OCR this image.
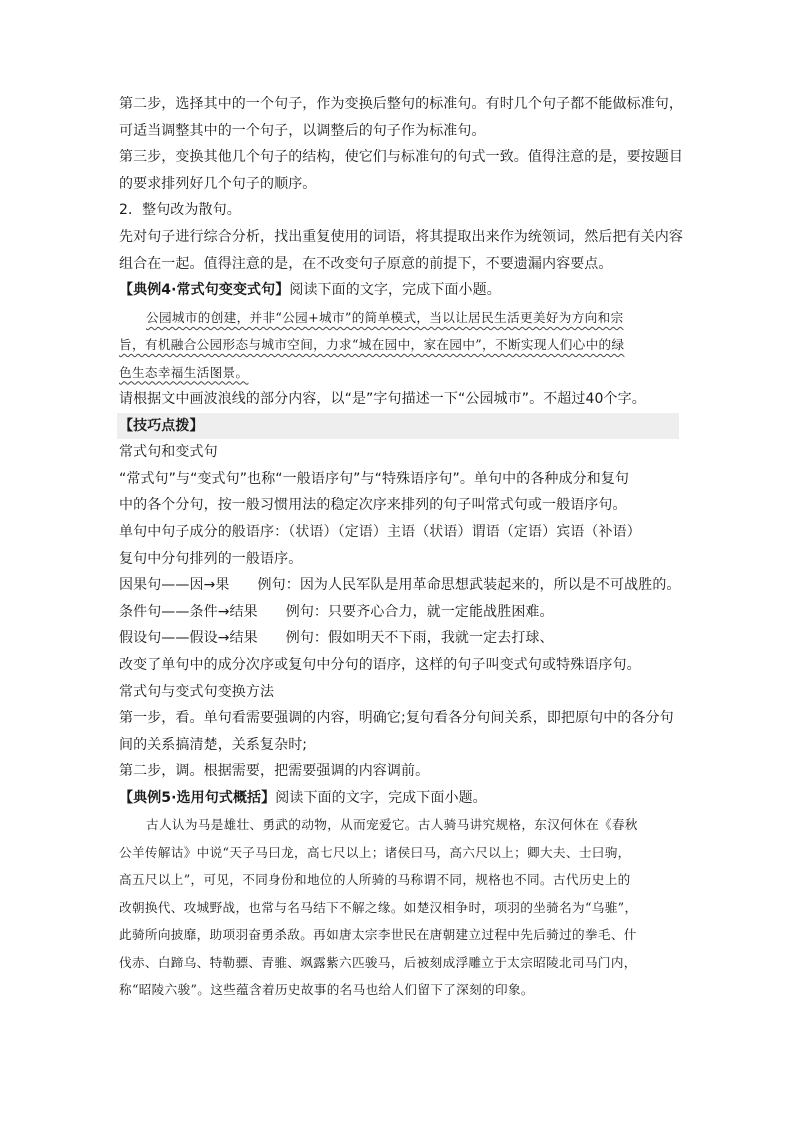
第二步，选择其中的一个句子，作为变换后整句的标准句。有时几个句子都不能做标准句，

可适当调整其中的一个句子，以调整后的句子作为标准句。

第三步，变换其他几个句子的结构，使它们与标准句的句式一致。值得注意的是，要按题目

的要求排列好几个句子的顺序。

2．整句改为散句。

先对句子进行综合分析，找出重复使用的词语，将其提取出来作为统领词，然后把有关内容

组合在一起。值得注意的是，在不改变句子原意的前提下，不要遗漏内容要点。

【典例4·常式句变变式句】阅读下面的文字，完成下面小题。

公园城市的创建，并非“公园+城市”的简单模式，当以让居民生活更美好为方向和宗

旨，有机融合公园形态与城市空间，力求“城在园中，家在园中”，不断实现人们心中的绿

色生态幸福生活图景。

请根据文中画波浪线的部分内容，以“是”字句描述一下“公园城市”。不超过40个字。

【技巧点拨】

常式句和变式句

“常式句”与“变式句”也称“一般语序句”与“特殊语序句”。单句中的各种成分和复句

中的各个分句，按一般习惯用法的稳定次序来排列的句子叫常式句或一般语序句。

单句中句子成分的般语序：（状语）（定语）主语（状语）谓语（定语）宾语（补语）

复句中分句排列的一般语序。

因果句——因→果 例句：因为人民军队是用革命思想武装起来的，所以是不可战胜的。

条件句——条件→结果 例句：只要齐心合力，就一定能战胜困难。

假设句——假设→结果 例句：假如明天不下雨，我就一定去打球、

改变了单句中的成分次序或复句中分句的语序，这样的句子叫变式句或特殊语序句。

常式句与变式句变换方法

第一步，看。单句看需要强调的内容，明确它;复句看各分句间关系，即把原句中的各分句

间的关系搞清楚，关系复杂时;

第二步，调。根据需要，把需要强调的内容调前。

【典例5·选用句式概括】阅读下面的文字，完成下面小题。

古人认为马是雄壮、勇武的动物，从而宠爱它。古人骑马讲究规格，东汉何休在《春秋

公羊传解诂》中说“天子马曰龙，高七尺以上；诸侯曰马，高六尺以上；卿大夫、士曰驹，

高五尺以上”，可见，不同身份和地位的人所骑的马称谓不同，规格也不同。古代历史上的

改朝换代、攻城野战，也常与名马结下不解之缘。如楚汉相争时，项羽的坐骑名为“乌骓”，

此骑所向披靡，助项羽奋勇杀敌。再如唐太宗李世民在唐朝建立过程中先后骑过的拳毛、什

伐赤、白蹄乌、特勒骠、青骓、飒露紫六匹骏马，后被刻成浮雕立于太宗昭陵北司马门内，

称“昭陵六骏”。这些蕴含着历史故事的名马也给人们留下了深刻的印象。
